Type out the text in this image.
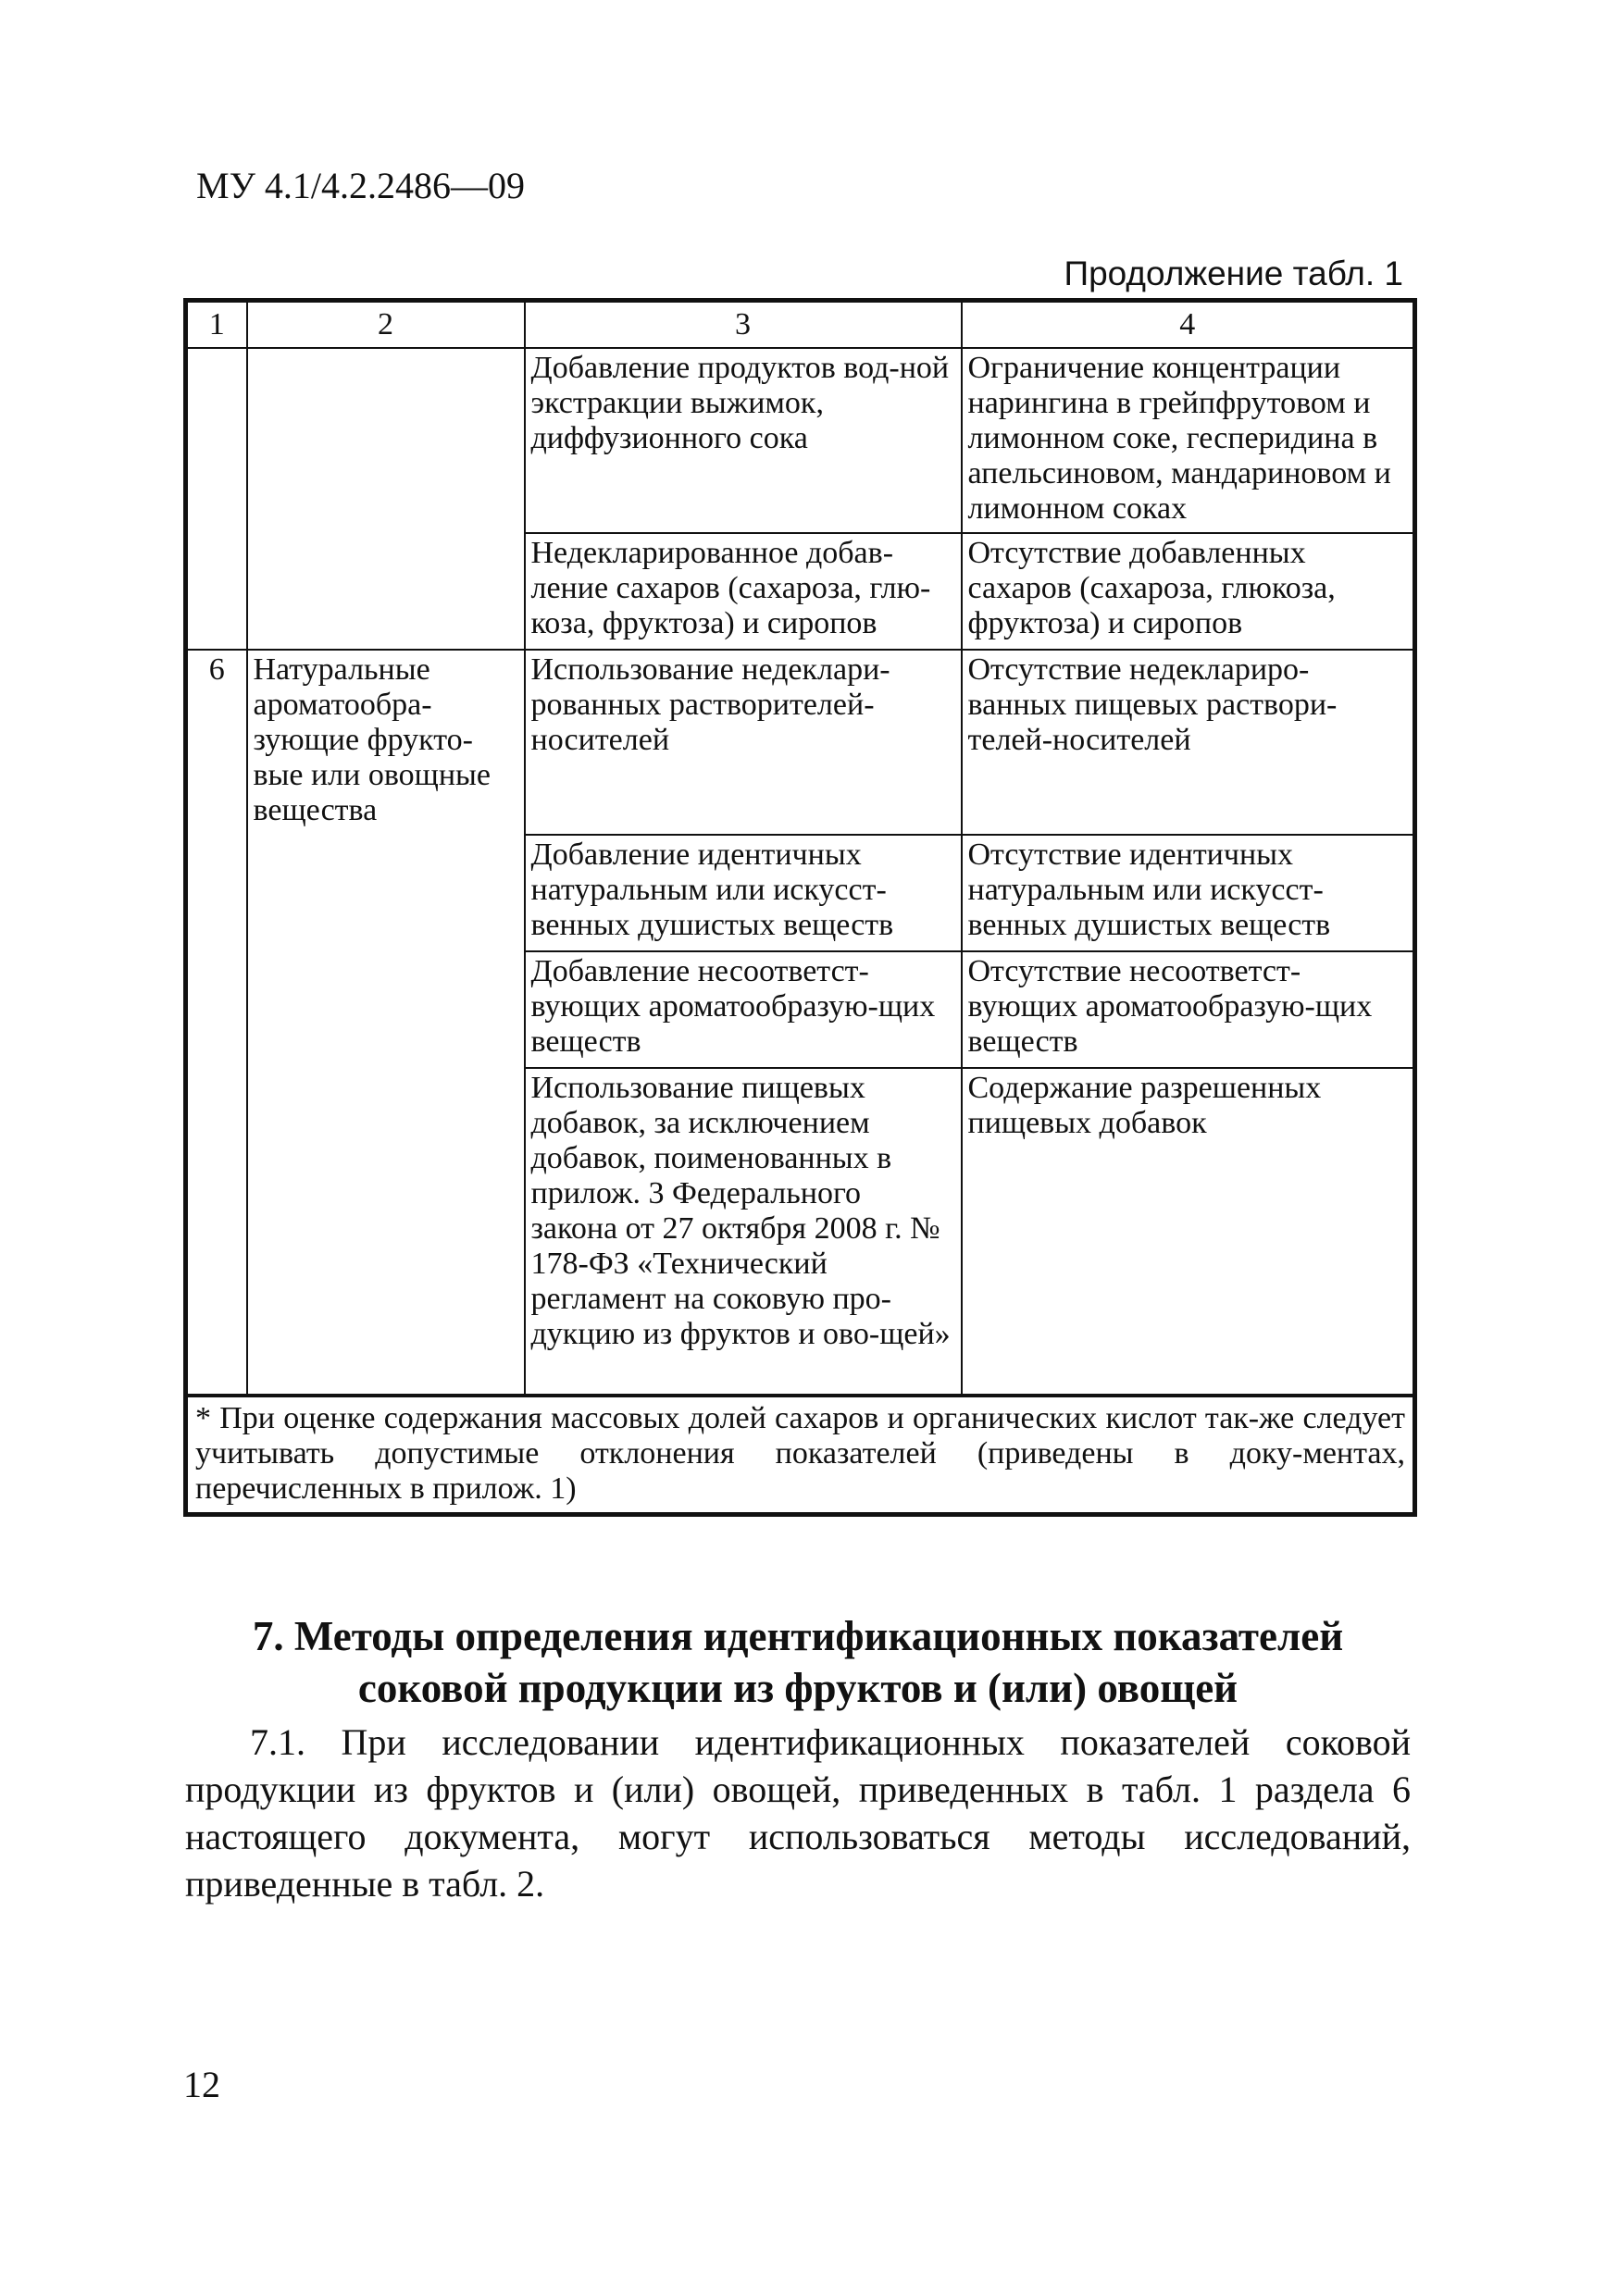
МУ 4.1/4.2.2486—09
Продолжение табл. 1
1	2	3	4
		Добавление продуктов вод-ной экстракции выжимок, диффузионного сока	Ограничение концентрации нарингина в грейпфрутовом и лимонном соке, гесперидина в апельсиновом, мандариновом и лимонном соках
		Недекларированное добав-ление сахаров (сахароза, глю-коза, фруктоза) и сиропов	Отсутствие добавленных сахаров (сахароза, глюкоза, фруктоза) и сиропов
6	Натуральные ароматообра-зующие фрукто-вые или овощные вещества	Использование недеклари-рованных растворителей-носителей	Отсутствие недеклариро-ванных пищевых раствори-телей-носителей
		Добавление идентичных натуральным или искусст-венных душистых веществ	Отсутствие идентичных натуральным или искусст-венных душистых веществ
		Добавление несоответст-вующих ароматообразую-щих веществ	Отсутствие несоответст-вующих ароматообразую-щих веществ
		Использование пищевых добавок, за исключением добавок, поименованных в прилож. 3 Федерального закона от 27 октября 2008 г. № 178-ФЗ «Технический регламент на соковую про-дукцию из фруктов и ово-щей»	Содержание разрешенных пищевых добавок
* При оценке содержания массовых долей сахаров и органических кислот так-же следует учитывать допустимые отклонения показателей (приведены в доку-ментах, перечисленных в прилож. 1)			
7. Методы определения идентификационных показателей соковой продукции из фруктов и (или) овощей
7.1. При исследовании идентификационных показателей соковой продукции из фруктов и (или) овощей, приведенных в табл. 1 раздела 6 настоящего документа, могут использоваться методы исследований, приведенные в табл. 2.
12
